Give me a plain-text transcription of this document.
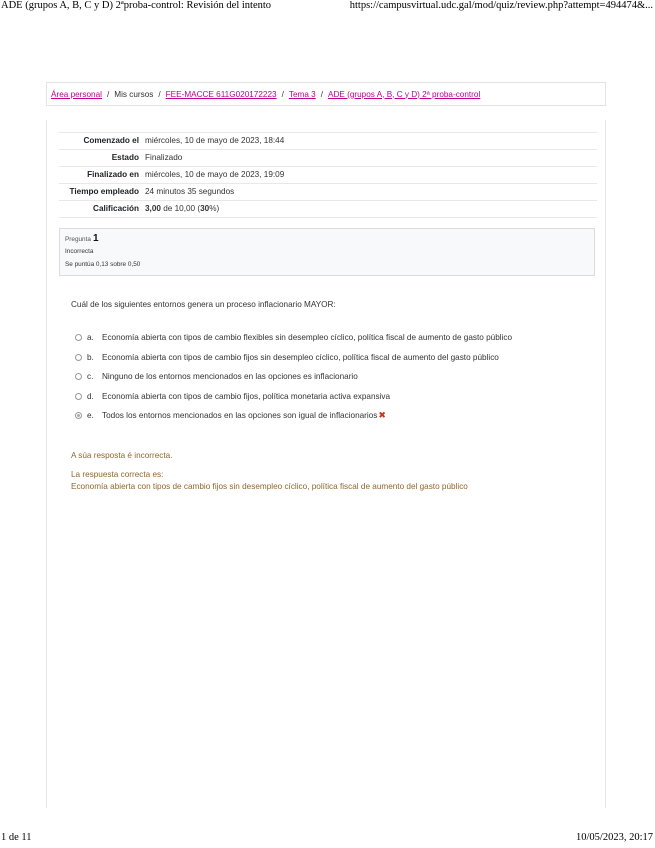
ADE (grupos A, B, C y D) 2ªproba-control: Revisión del intento	https://campusvirtual.udc.gal/mod/quiz/review.php?attempt=494474&...
Área personal / Mis cursos / FEE-MACCE 611G020172223 / Tema 3 / ADE (grupos A, B, C y D) 2ª proba-control
Comenzado el	miércoles, 10 de mayo de 2023, 18:44
Estado	Finalizado
Finalizado en	miércoles, 10 de mayo de 2023, 19:09
Tiempo empleado	24 minutos 35 segundos
Calificación	3,00 de 10,00 (30%)
Pregunta 1
Incorrecta
Se puntúa 0,13 sobre 0,50
Cuál de los siguientes entornos genera un proceso inflacionario MAYOR:
a. Economía abierta con tipos de cambio flexibles sin desempleo cíclico, política fiscal de aumento de gasto público
b. Economía abierta con tipos de cambio fijos sin desempleo cíclico, política fiscal de aumento del gasto público
c.	Ninguno de los entornos mencionados en las opciones es inflacionario
d. Economía abierta con tipos de cambio fijos, política monetaria activa expansiva
e. Todos los entornos mencionados en las opciones son igual de inflacionarios ✖
A súa resposta é incorrecta.
La respuesta correcta es:
Economía abierta con tipos de cambio fijos sin desempleo cíclico, política fiscal de aumento del gasto público
1 de 11	10/05/2023, 20:17
